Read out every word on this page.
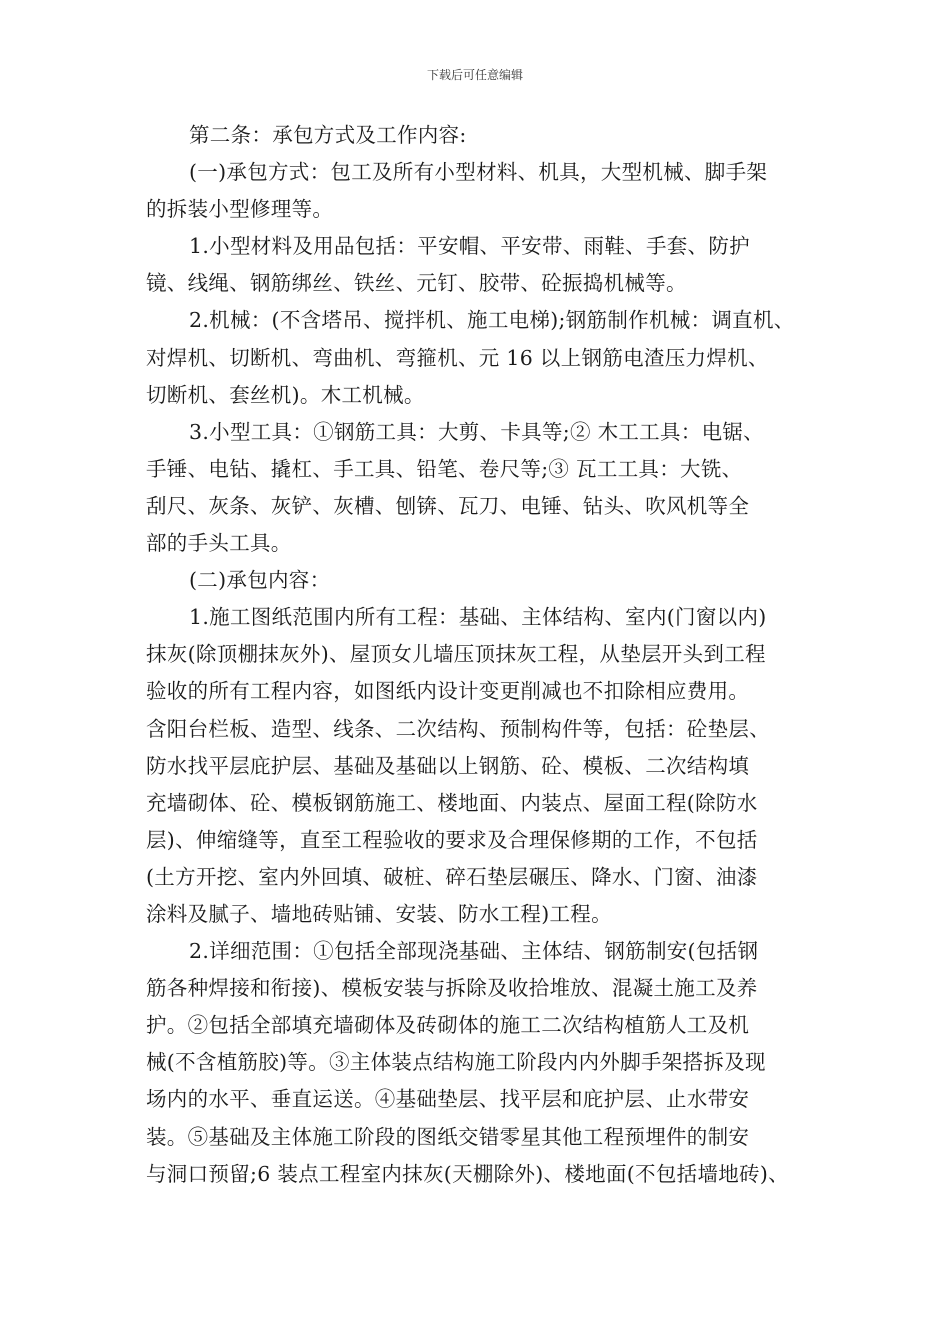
下载后可任意编辑

第二条：承包方式及工作内容:

(一)承包方式：包工及所有小型材料、机具，大型机械、脚手架
的拆装小型修理等。

1.小型材料及用品包括：平安帽、平安带、雨鞋、手套、防护
镜、线绳、钢筋绑丝、铁丝、元钉、胶带、砼振捣机械等。

2.机械：(不含塔吊、搅拌机、施工电梯);钢筋制作机械：调直机、
对焊机、切断机、弯曲机、弯箍机、元 16 以上钢筋电渣压力焊机、
切断机、套丝机)。木工机械。

3.小型工具：①钢筋工具：大剪、卡具等;② 木工工具：电锯、
手锤、电钻、撬杠、手工具、铅笔、卷尺等;③ 瓦工工具：大铣、
刮尺、灰条、灰铲、灰槽、刨锛、瓦刀、电锤、钻头、吹风机等全
部的手头工具。

(二)承包内容：

1.施工图纸范围内所有工程：基础、主体结构、室内(门窗以内)
抹灰(除顶棚抹灰外)、屋顶女儿墙压顶抹灰工程，从垫层开头到工程
验收的所有工程内容，如图纸内设计变更削减也不扣除相应费用。
含阳台栏板、造型、线条、二次结构、预制构件等，包括：砼垫层、
防水找平层庇护层、基础及基础以上钢筋、砼、模板、二次结构填
充墙砌体、砼、模板钢筋施工、楼地面、内装点、屋面工程(除防水
层)、伸缩缝等，直至工程验收的要求及合理保修期的工作，不包括
(土方开挖、室内外回填、破桩、碎石垫层碾压、降水、门窗、油漆
涂料及腻子、墙地砖贴铺、安装、防水工程)工程。

2.详细范围：①包括全部现浇基础、主体结、钢筋制安(包括钢
筋各种焊接和衔接)、模板安装与拆除及收拾堆放、混凝土施工及养
护。②包括全部填充墙砌体及砖砌体的施工二次结构植筋人工及机
械(不含植筋胶)等。③主体装点结构施工阶段内内外脚手架搭拆及现
场内的水平、垂直运送。④基础垫层、找平层和庇护层、止水带安
装。⑤基础及主体施工阶段的图纸交错零星其他工程预埋件的制安
与洞口预留;6 装点工程室内抹灰(天棚除外)、楼地面(不包括墙地砖)、
